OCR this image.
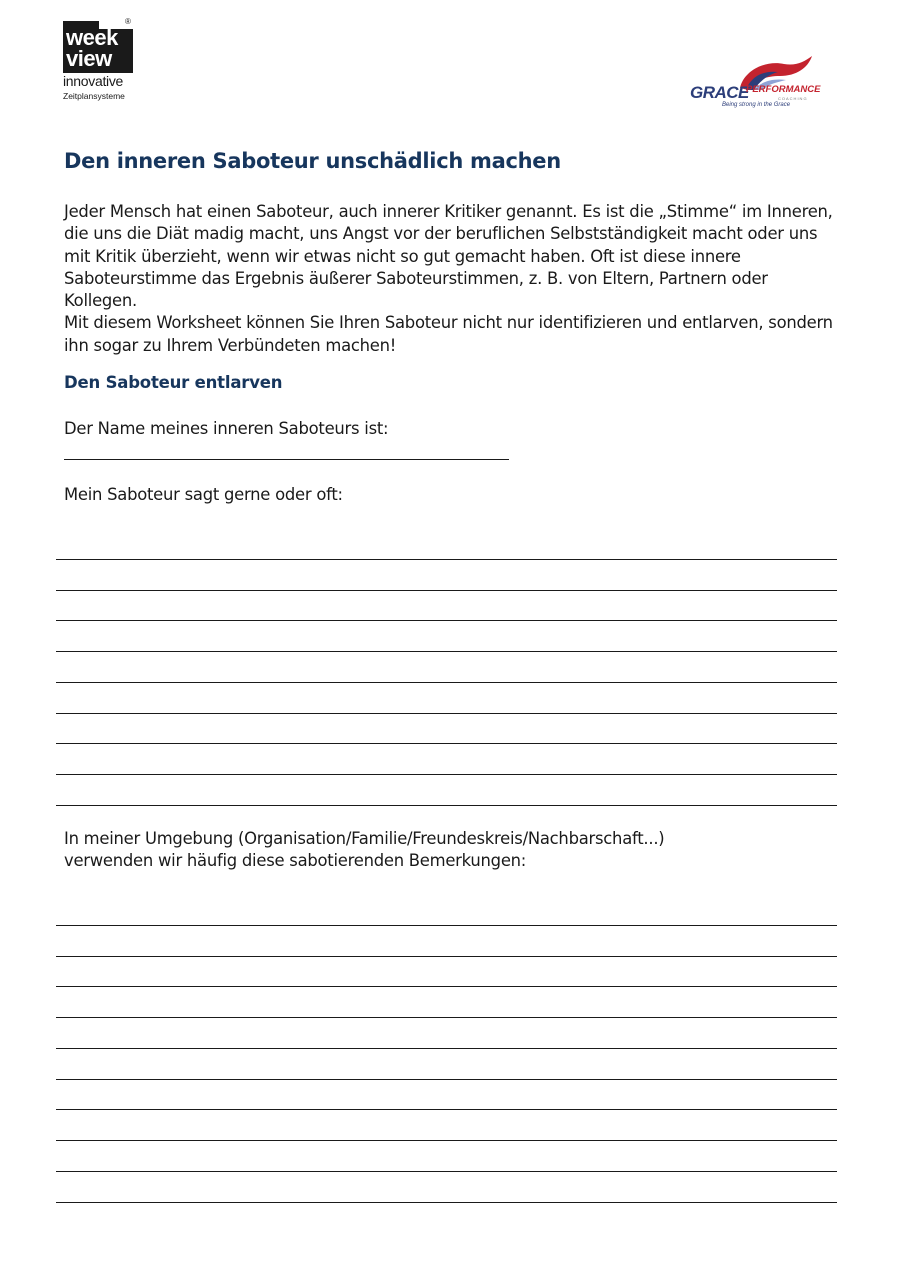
week
view
®
innovative
Zeitplansysteme	GRACE
PERFORMANCE
COACHING
Being strong in the Grace
Den inneren Saboteur unschädlich machen

Jeder Mensch hat einen Saboteur, auch innerer Kritiker genannt. Es ist die „Stimme“ im Inneren, die uns die Diät madig macht, uns Angst vor der beruflichen Selbstständigkeit macht oder uns mit Kritik überzieht, wenn wir etwas nicht so gut gemacht haben. Oft ist diese innere Saboteurstimme das Ergebnis äußerer Saboteurstimmen, z. B. von Eltern, Partnern oder Kollegen.

Mit diesem Worksheet können Sie Ihren Saboteur nicht nur identifizieren und entlarven, sondern ihn sogar zu Ihrem Verbündeten machen!

Den Saboteur entlarven

Der Name meines inneren Saboteurs ist:

Mein Saboteur sagt gerne oder oft:

In meiner Umgebung (Organisation/Familie/Freundeskreis/Nachbarschaft...)

verwenden wir häufig diese sabotierenden Bemerkungen:
